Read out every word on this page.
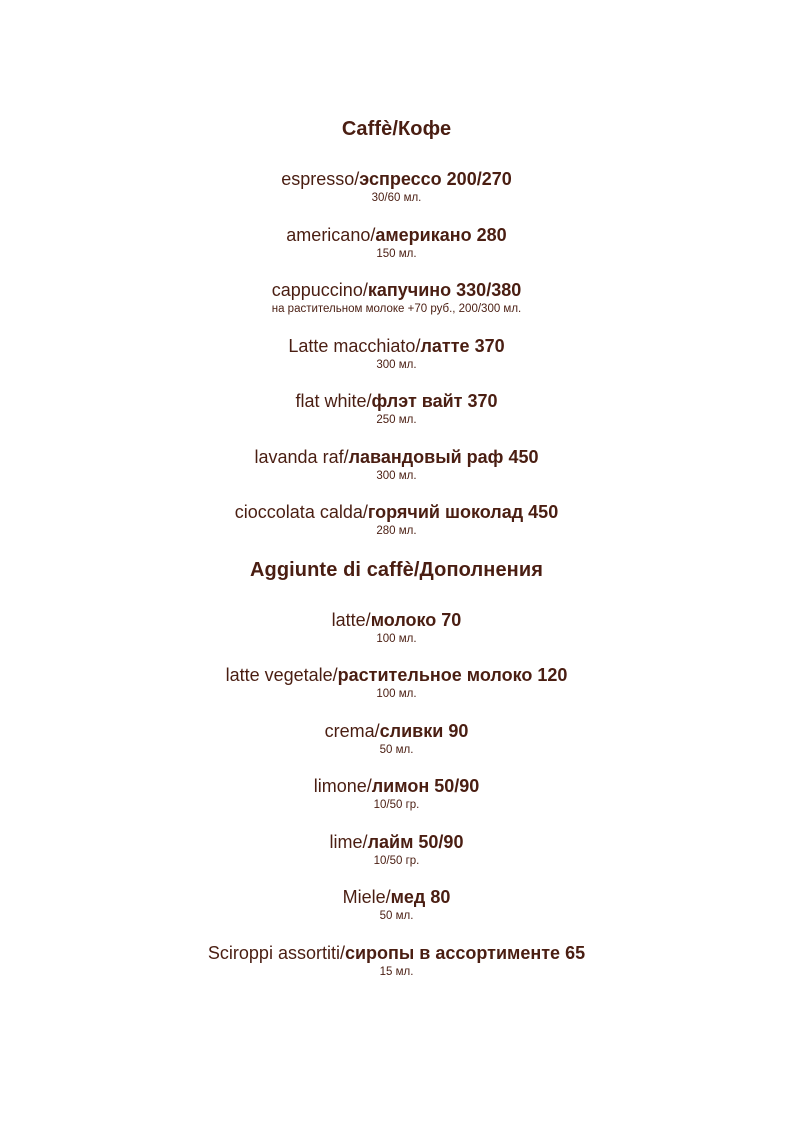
Caffè/Кофе
espresso/эспрессо 200/270
30/60 мл.
americano/американо 280
150 мл.
cappuccino/капучино 330/380
на растительном молоке +70 руб., 200/300 мл.
Latte macchiato/латте 370
300 мл.
flat white/флэт вайт 370
250 мл.
lavanda raf/лавандовый раф 450
300 мл.
cioccolata calda/горячий шоколад 450
280 мл.
Aggiunte di caffè/Дополнения
latte/молоко 70
100 мл.
latte vegetale/растительное молоко 120
100 мл.
crema/сливки 90
50 мл.
limone/лимон 50/90
10/50 гр.
lime/лайм 50/90
10/50 гр.
Miele/мед 80
50 мл.
Sciroppi assortiti/сиропы в ассортименте 65
15 мл.
